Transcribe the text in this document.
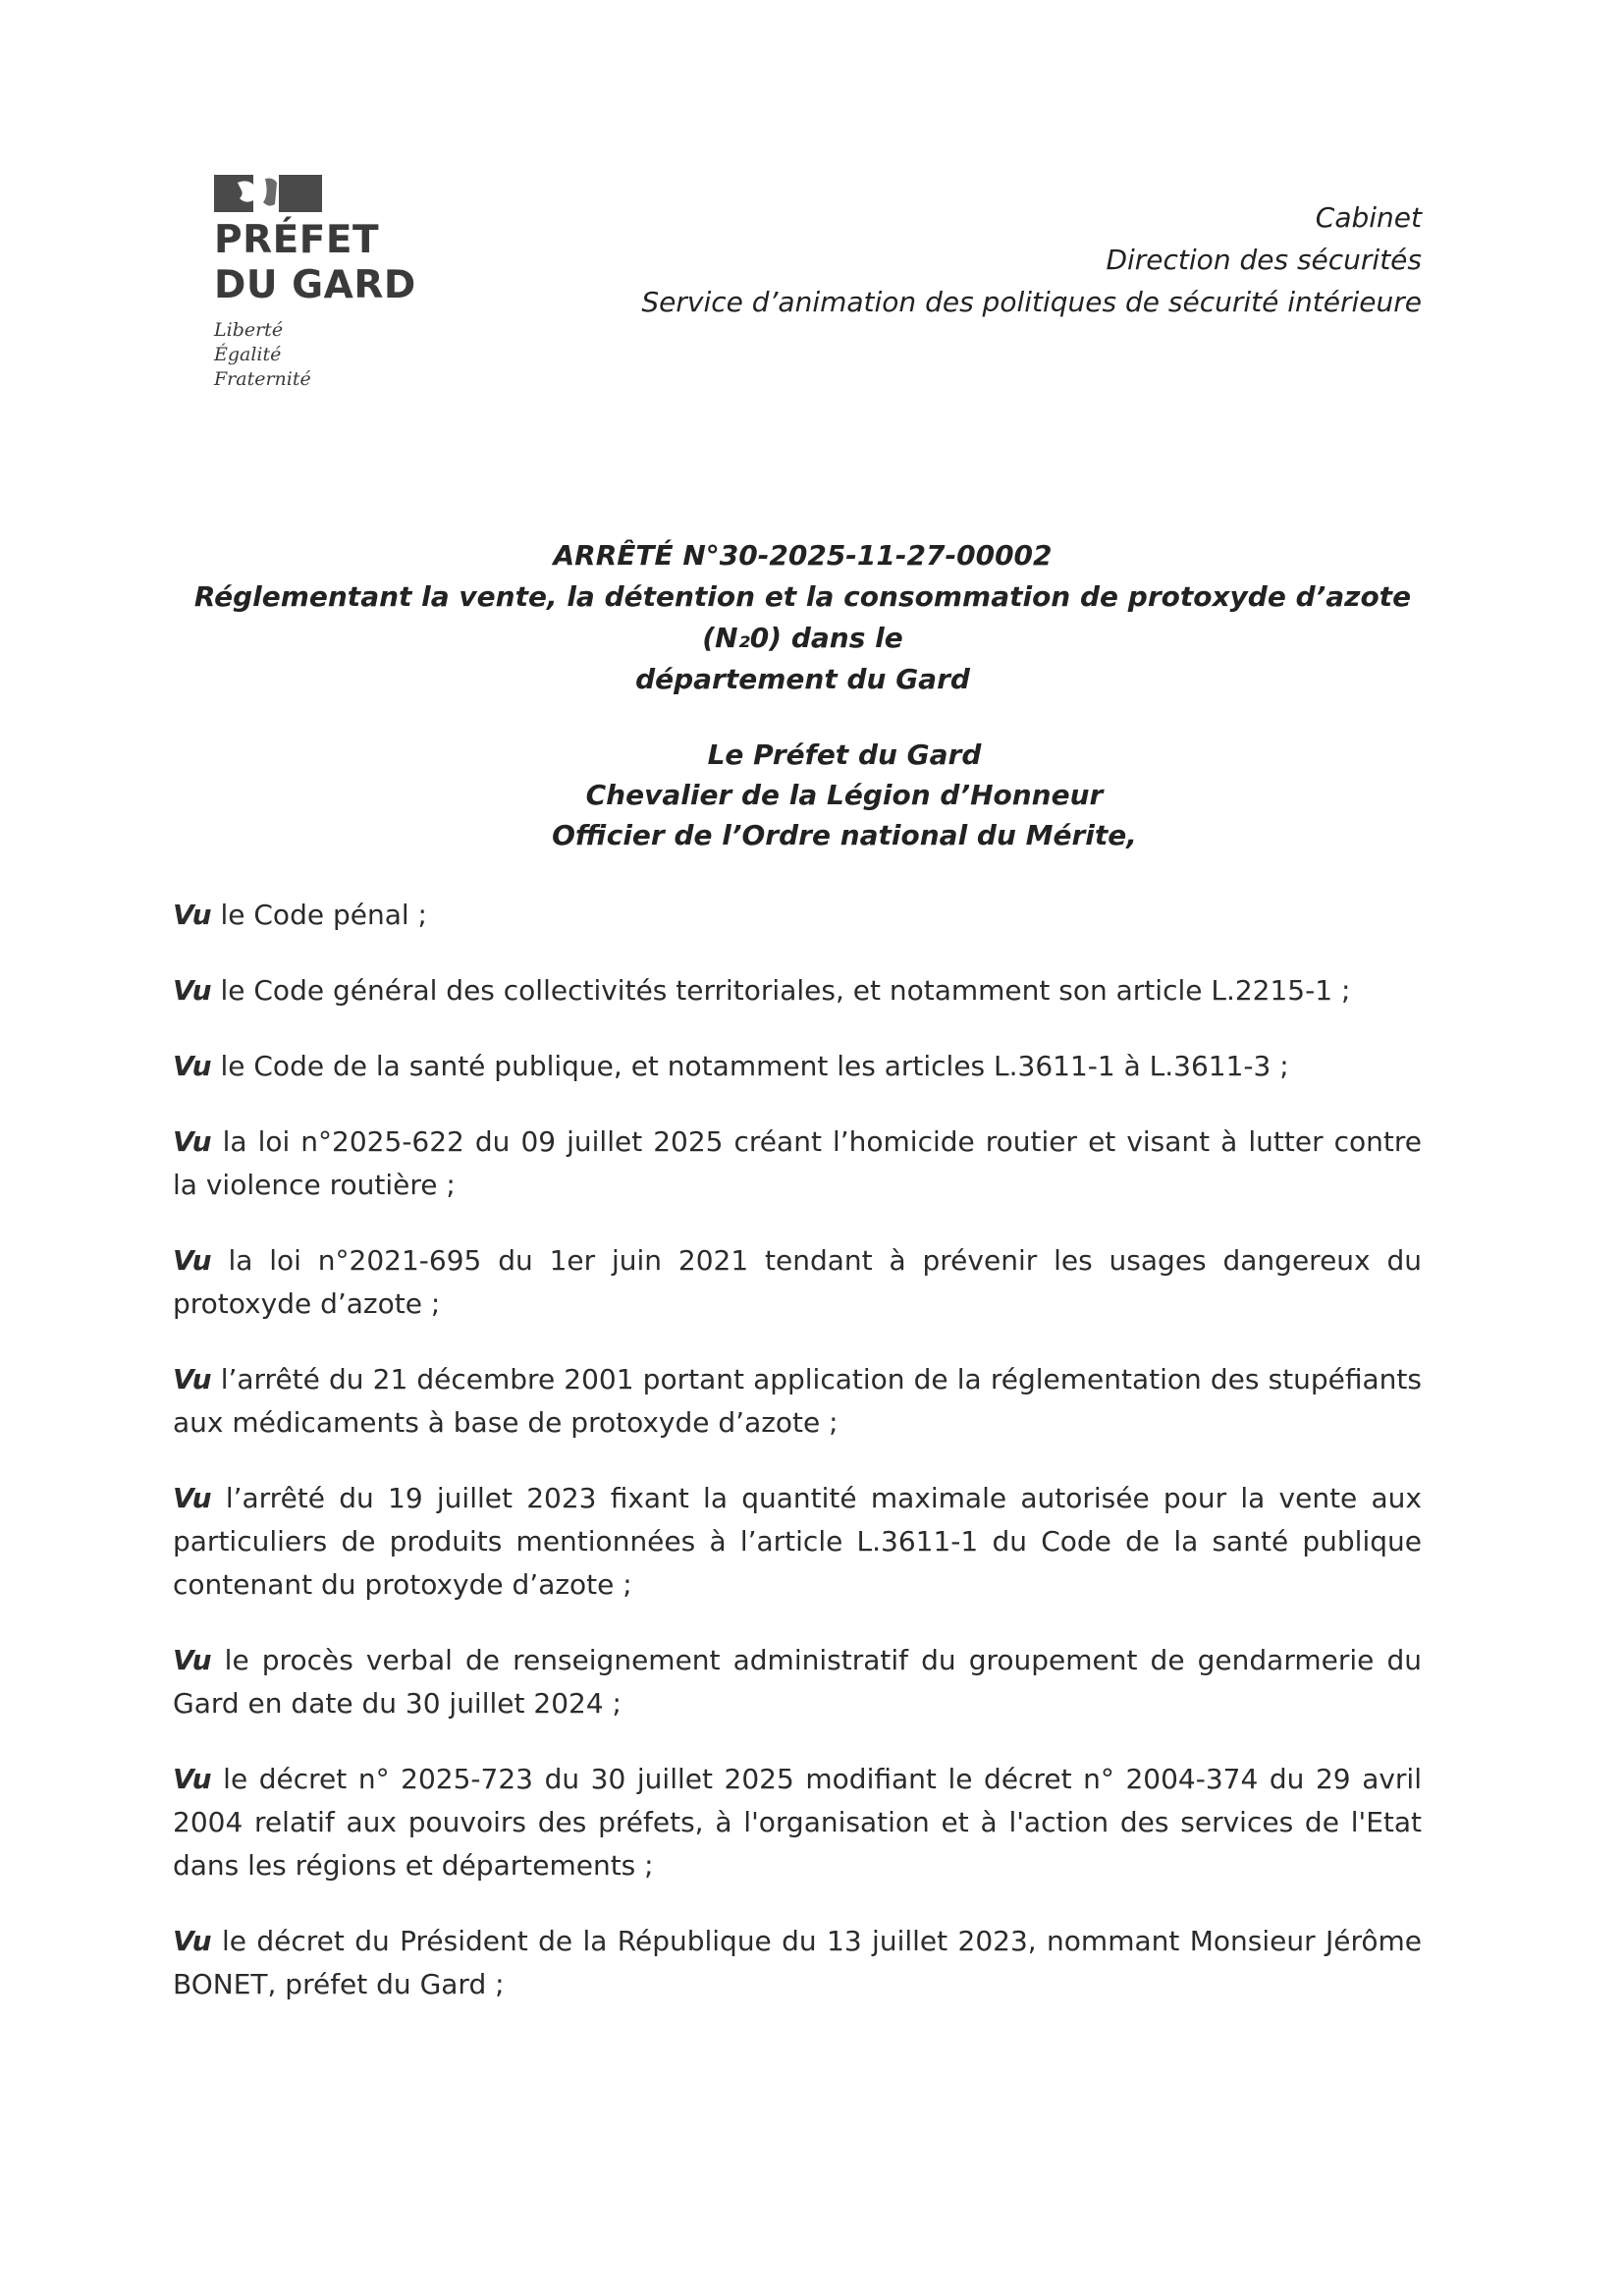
PRÉFET
DU GARD
Liberté
Égalité
Fraternité
Cabinet
Direction des sécurités
Service d’animation des politiques de sécurité intérieure
ARRÊTÉ N°30-2025-11-27-00002
Réglementant la vente, la détention et la consommation de protoxyde d’azote (N₂0) dans le
département du Gard
Le Préfet du Gard
Chevalier de la Légion d’Honneur
Officier de l’Ordre national du Mérite,

Vu le Code pénal ;

Vu le Code général des collectivités territoriales, et notamment son article L.2215-1 ;

Vu le Code de la santé publique, et notamment les articles L.3611-1 à L.3611-3 ;

Vu la loi n°2025-622 du 09 juillet 2025 créant l’homicide routier et visant à lutter contre la violence routière ;

Vu la loi n°2021-695 du 1er juin 2021 tendant à prévenir les usages dangereux du protoxyde d’azote ;

Vu l’arrêté du 21 décembre 2001 portant application de la réglementation des stupéfiants aux médicaments à base de protoxyde d’azote ;

Vu l’arrêté du 19 juillet 2023 fixant la quantité maximale autorisée pour la vente aux particuliers de produits mentionnées à l’article L.3611-1 du Code de la santé publique contenant du protoxyde d’azote ;

Vu le procès verbal de renseignement administratif du groupement de gendarmerie du Gard en date du 30 juillet 2024 ;

Vu le décret n° 2025-723 du 30 juillet 2025 modifiant le décret n° 2004-374 du 29 avril 2004 relatif aux pouvoirs des préfets, à l'organisation et à l'action des services de l'Etat dans les régions et départements ;

Vu le décret du Président de la République du 13 juillet 2023, nommant Monsieur Jérôme BONET, préfet du Gard ;
